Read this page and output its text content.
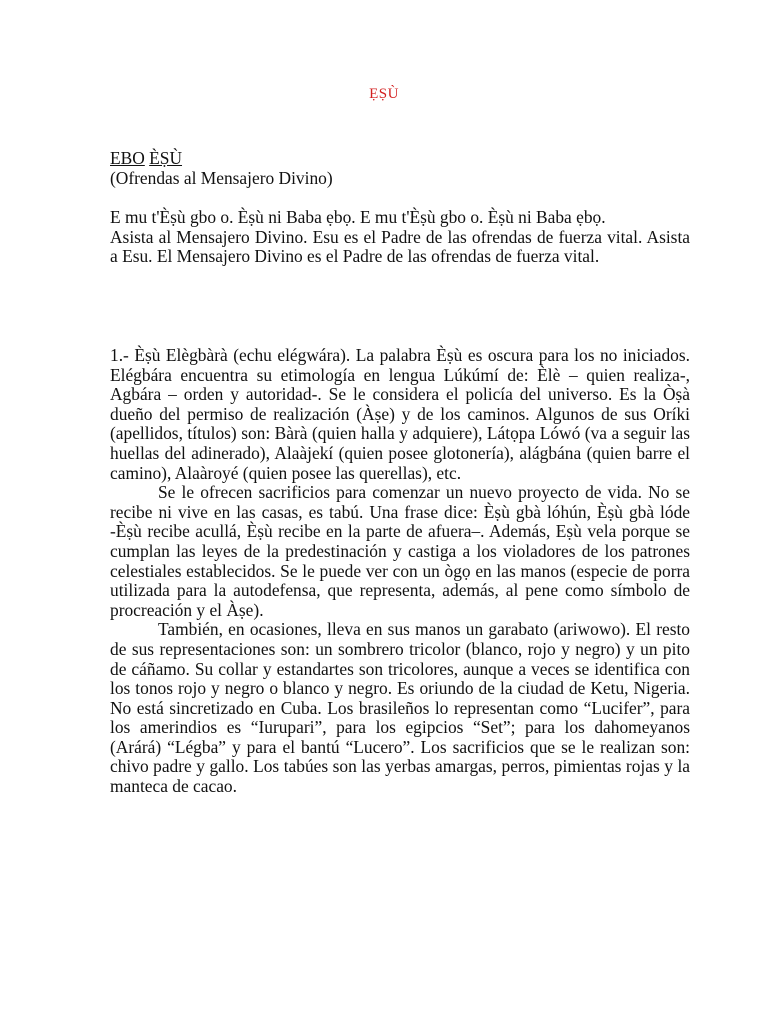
ẸṢÙ
EBO ÈṢÙ
(Ofrendas al Mensajero Divino)

E mu t'Èṣù gbo o. Èṣù ni Baba ẹbọ. E mu t'Èṣù gbo o. Èṣù ni Baba ẹbọ.

Asista al Mensajero Divino. Esu es el Padre de las ofrendas de fuerza vital. Asista a Esu. El Mensajero Divino es el Padre de las ofrendas de fuerza vital.

1.- Èṣù Elègbàrà (echu elégwára). La palabra Èṣù es oscura para los no iniciados. Elégbára encuentra su etimología en lengua Lúkúmí de: Èlè – quien realiza-, Agbára – orden y autoridad-. Se le considera el policía del universo. Es la Òṣà dueño del permiso de realización (Àṣe) y de los caminos. Algunos de sus Oríki (apellidos, títulos) son: Bàrà (quien halla y adquiere), Látọpa Lówó (va a seguir las huellas del adinerado), Alaàjekí (quien posee glotonería), alágbána (quien barre el camino), Alaàroyé (quien posee las querellas), etc.

Se le ofrecen sacrificios para comenzar un nuevo proyecto de vida. No se recibe ni vive en las casas, es tabú. Una frase dice: Èṣù gbà lóhún, Èṣù gbà lóde -Èṣù recibe acullá, Èṣù recibe en la parte de afuera–. Además, Eṣù vela porque se cumplan las leyes de la predestinación y castiga a los violadores de los patrones celestiales establecidos. Se le puede ver con un ògọ en las manos (especie de porra utilizada para la autodefensa, que representa, además, al pene como símbolo de procreación y el Àṣe).

También, en ocasiones, lleva en sus manos un garabato (ariwowo). El resto de sus representaciones son: un sombrero tricolor (blanco, rojo y negro) y un pito de cáñamo. Su collar y estandartes son tricolores, aunque a veces se identifica con los tonos rojo y negro o blanco y negro. Es oriundo de la ciudad de Ketu, Nigeria. No está sincretizado en Cuba. Los brasileños lo representan como “Lucifer”, para los amerindios es “Iurupari”, para los egipcios “Set”; para los dahomeyanos (Arárá) “Légba” y para el bantú “Lucero”. Los sacrificios que se le realizan son: chivo padre y gallo. Los tabúes son las yerbas amargas, perros, pimientas rojas y la manteca de cacao.
